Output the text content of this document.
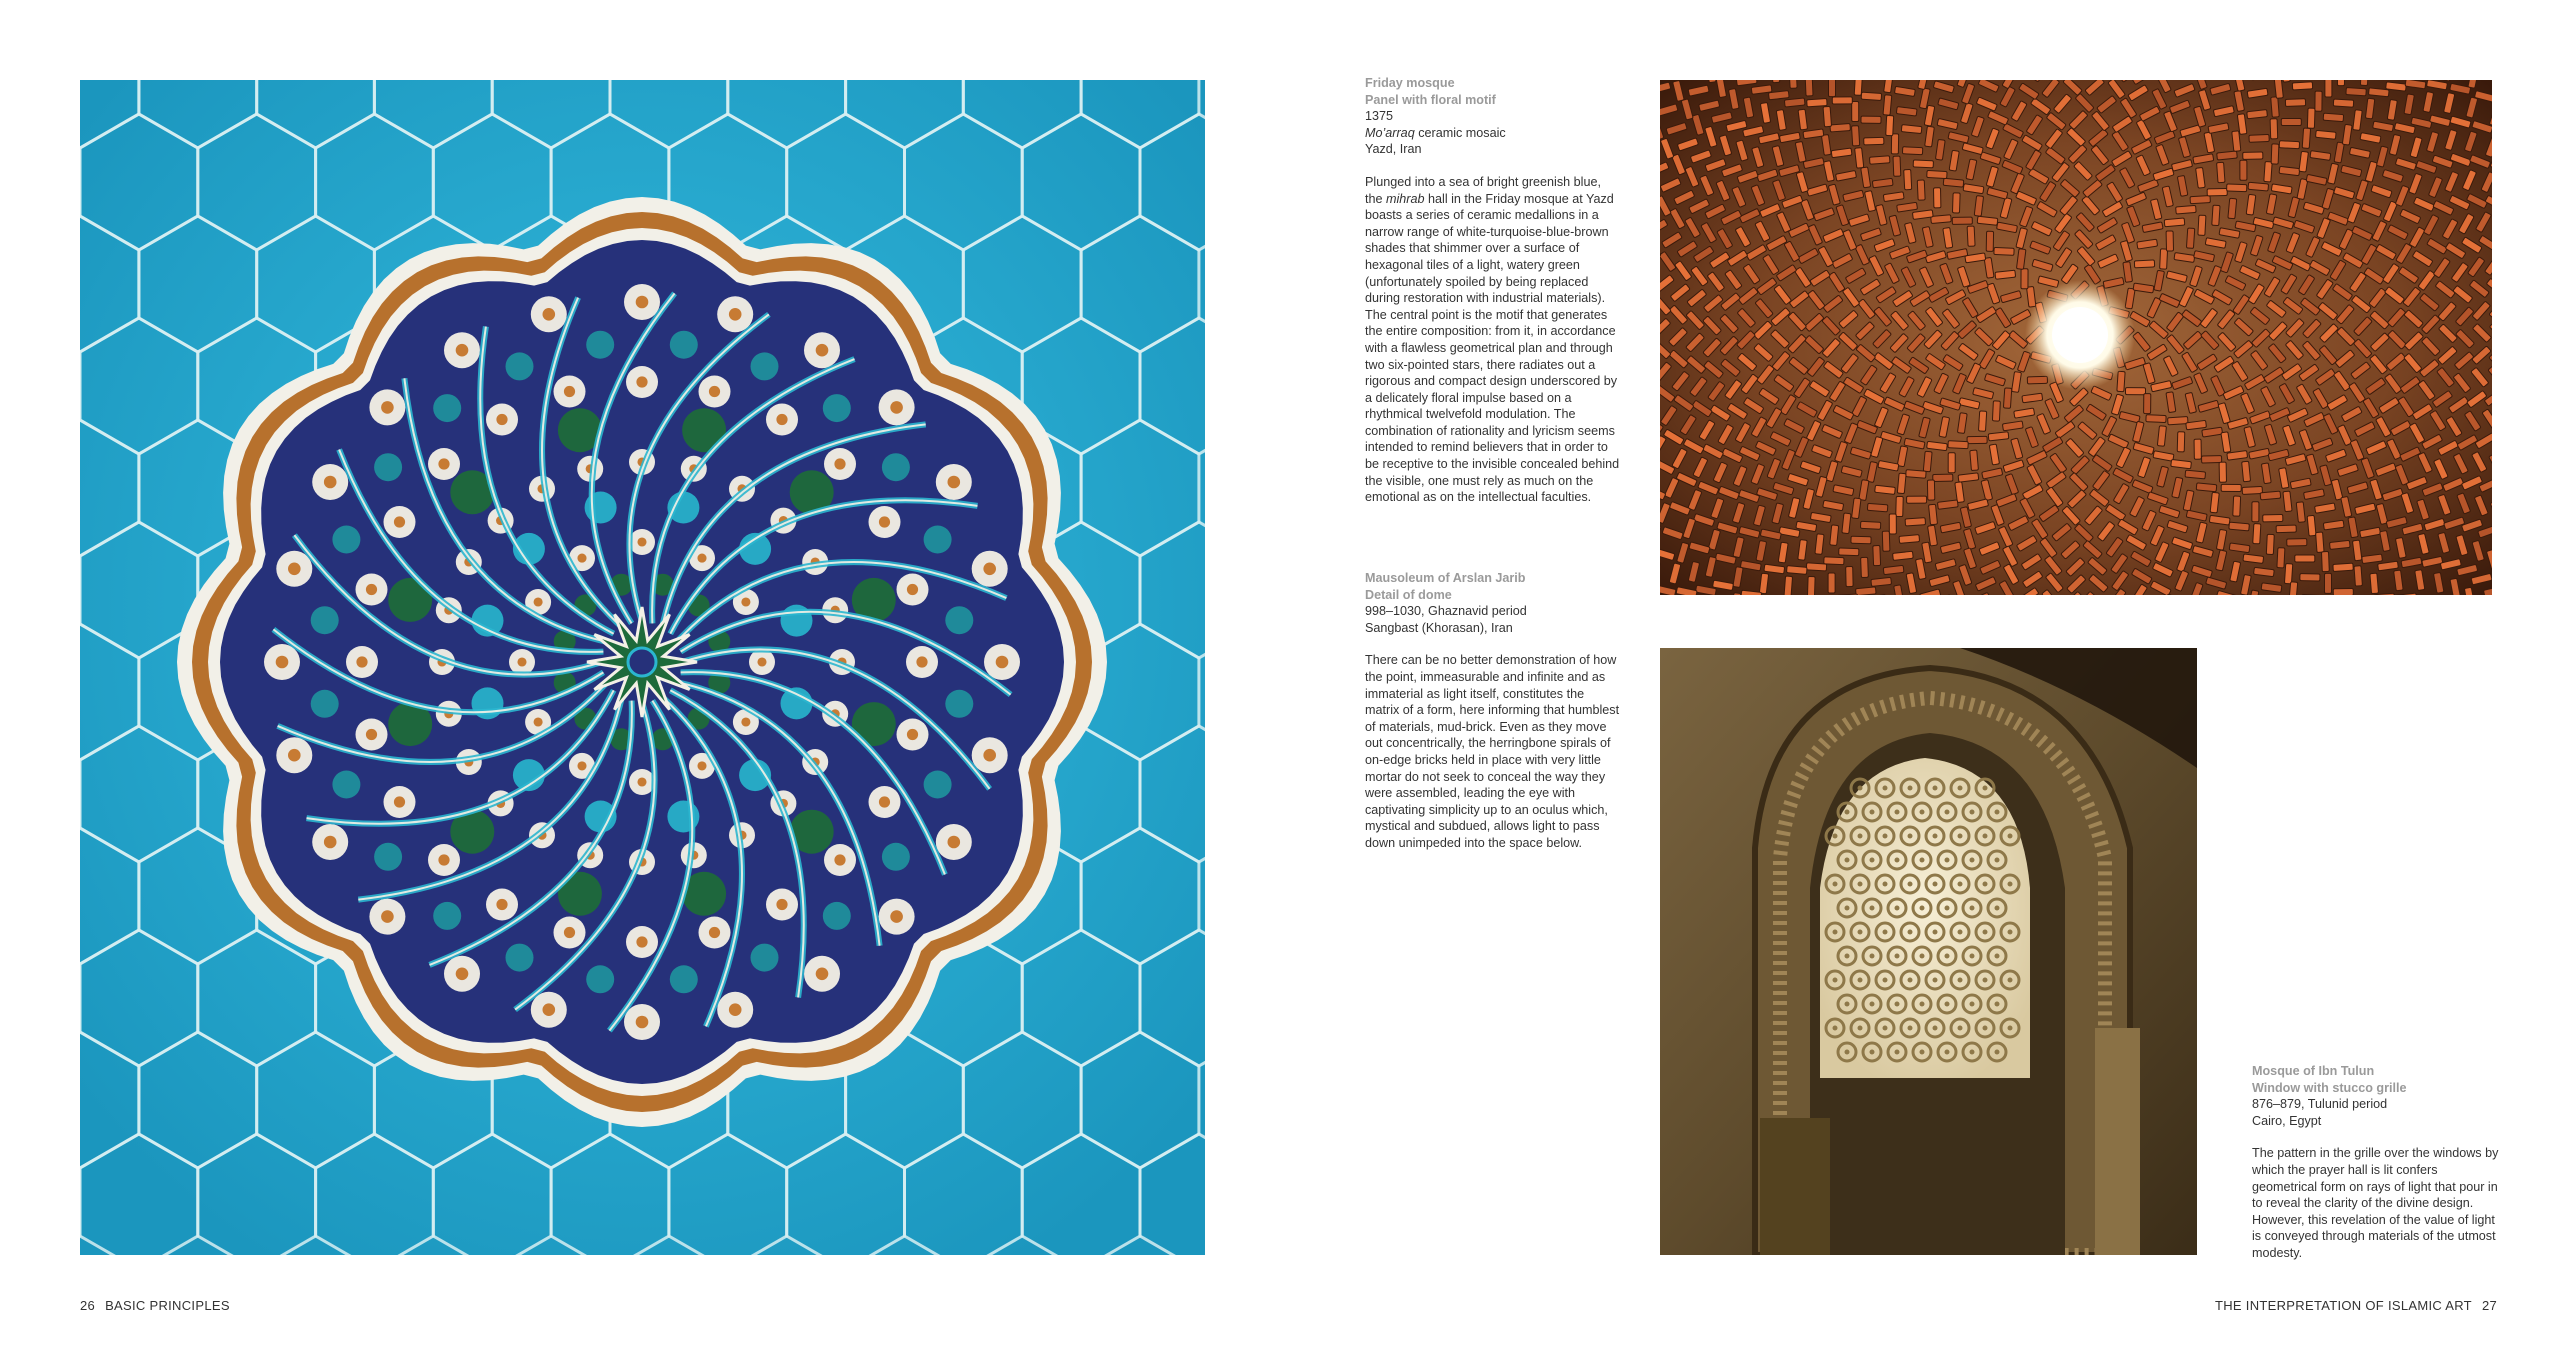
Friday mosque
Panel with floral motif
1375
Mo’arraq ceramic mosaic
Yazd, Iran
Plunged into a sea of bright greenish blue, the mihrab hall in the Friday mosque at Yazd boasts a series of ceramic medallions in a narrow range of white-turquoise-blue-brown shades that shimmer over a surface of hexagonal tiles of a light, watery green (unfortunately spoiled by being replaced during restoration with industrial materials). The central point is the motif that generates the entire composition: from it, in accordance with a flawless geometrical plan and through two six-pointed stars, there radiates out a rigorous and compact design underscored by a delicately floral impulse based on a rhythmical twelvefold modulation. The combination of rationality and lyricism seems intended to remind believers that in order to be receptive to the invisible concealed behind the visible, one must rely as much on the emotional as on the intellectual faculties.
Mausoleum of Arslan Jarib
Detail of dome
998–1030, Ghaznavid period
Sangbast (Khorasan), Iran
There can be no better demonstration of how the point, immeasurable and infinite and as immaterial as light itself, constitutes the matrix of a form, here informing that humblest of materials, mud-brick. Even as they move out concentrically, the herringbone spirals of on-edge bricks held in place with very little mortar do not seek to conceal the way they were assembled, leading the eye with captivating simplicity up to an oculus which, mystical and subdued, allows light to pass down unimpeded into the space below.
Mosque of Ibn Tulun
Window with stucco grille
876–879, Tulunid period
Cairo, Egypt
The pattern in the grille over the windows by which the prayer hall is lit confers geometrical form on rays of light that pour in to reveal the clarity of the divine design. However, this revelation of the value of light is conveyed through materials of the utmost modesty.
26 BASIC PRINCIPLES	THE INTERPRETATION OF ISLAMIC ART 27
